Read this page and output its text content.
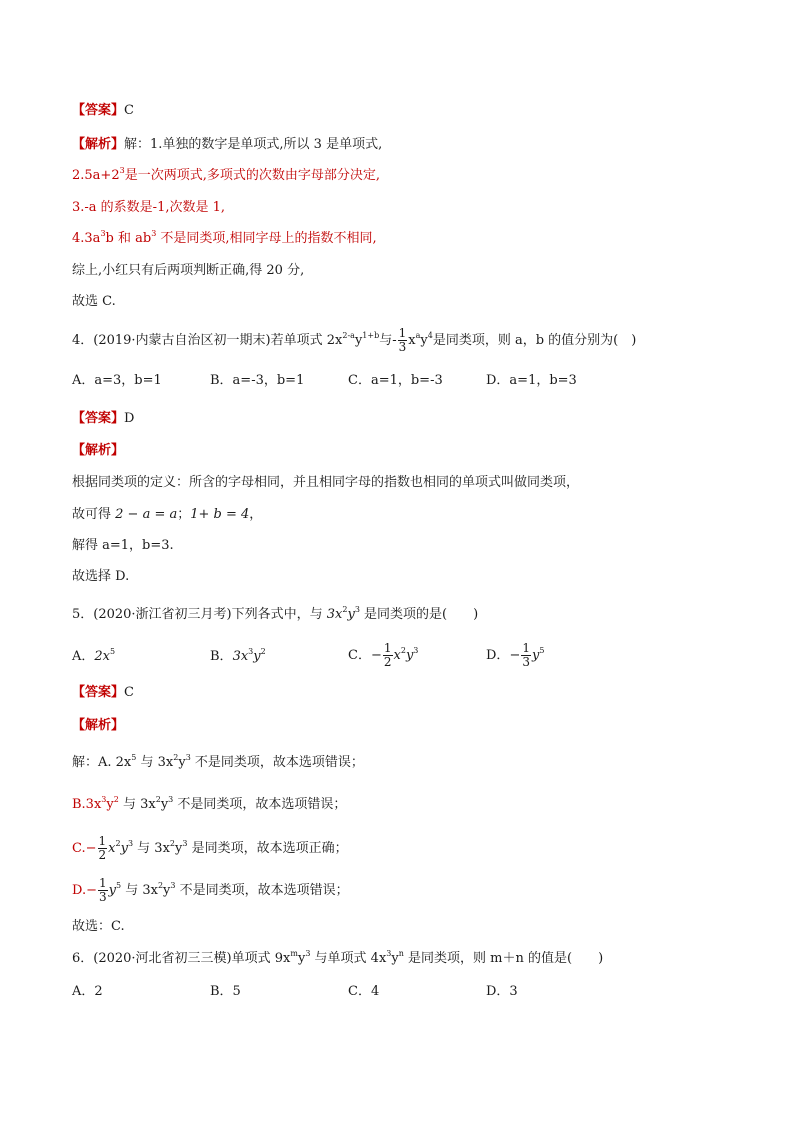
【答案】C
【解析】解：1.单独的数字是单项式,所以 3 是单项式,
$2.5a+2^3$是一次两项式,多项式的次数由字母部分决定,
3.-a 的系数是-1,次数是 1,
$4.3a^3b$ 和 $ab^3$ 不是同类项,相同字母上的指数不相同,
综上,小红只有后两项判断正确,得 20 分,
故选 C.
4．(2019·内蒙古自治区初一期末)若单项式 $2x^{2-a}y^{1+b}$与- $\frac{1}{3} x^ay^4$是同类项，则 a，b 的值分别为(　)
A．a=3，b=1	B．a=-3，b=1	C．a=1，b=-3	D．a=1，b=3
【答案】D
【解析】
根据同类项的定义：所含的字母相同，并且相同字母的指数也相同的单项式叫做同类项，
故可得 2 − a = a；1+ b = 4，
解得 a=1，b=3.
故选择 D.
5．(2020·浙江省初三月考)下列各式中，与 $3x^2y^3$ 是同类项的是(　　)
A．$2x^5$	B．$3x^3y^2$	C．− $\frac{1}{2} x^2y^3$	D．− $\frac{1}{3} y^5$
【答案】C
【解析】
解：A. $2x^5$ 与 $3x^2y^3$ 不是同类项，故本选项错误；
$B.3x^3y^2$ 与 $3x^2y^3$ 不是同类项，故本选项错误；
$C.- \frac{1}{2} x^2y^3$ 与 $3x^2y^3$ 是同类项，故本选项正确；
$D.- \frac{1}{3} y^5$ 与 $3x^2y^3$ 不是同类项，故本选项错误；
故选：C.
6．(2020·河北省初三三模)单项式 $9x^my^3$ 与单项式 $4x^3y^n$ 是同类项，则 m＋n 的值是(　　)
A．2	B．5	C．4	D．3
